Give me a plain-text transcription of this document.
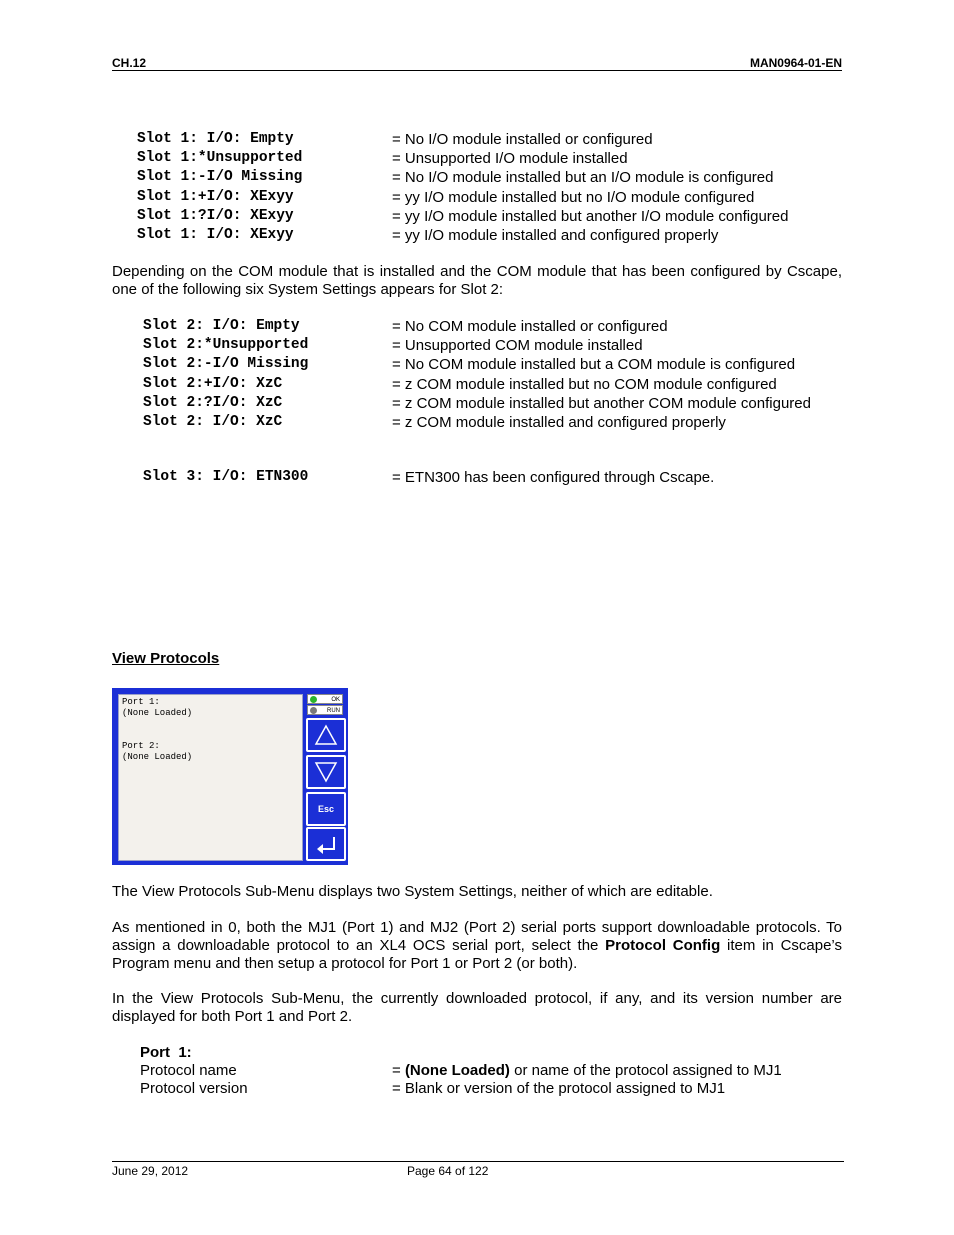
CH.12	MAN0964-01-EN
Slot 1: I/O: Empty	= No I/O module installed or configured
Slot 1:*Unsupported	= Unsupported I/O module installed
Slot 1:-I/O Missing	= No I/O module installed but an I/O module is configured
Slot 1:+I/O: XExyy	= yy I/O module installed but no I/O module configured
Slot 1:?I/O: XExyy	= yy I/O module installed but another I/O module configured
Slot 1: I/O: XExyy	= yy I/O module installed and configured properly
Depending on the COM module that is installed and the COM module that has been configured by Cscape, one of the following six System Settings appears for Slot 2:
Slot 2: I/O: Empty	= No COM module installed or configured
Slot 2:*Unsupported	= Unsupported COM module installed
Slot 2:-I/O Missing	= No COM module installed but a COM module is configured
Slot 2:+I/O: XzC	= z COM module installed but no COM module configured
Slot 2:?I/O: XzC	= z COM module installed but another COM module configured
Slot 2: I/O: XzC	= z COM module installed and configured properly
Slot 3: I/O: ETN300	= ETN300 has been configured through Cscape.
View Protocols
Port 1:
(None Loaded)
Port 2:
(None Loaded)
OK
RUN
Esc
The View Protocols Sub-Menu displays two System Settings, neither of which are editable.
As mentioned in 0, both the MJ1 (Port 1) and MJ2 (Port 2) serial ports support downloadable protocols. To assign a downloadable protocol to an XL4 OCS serial port, select the Protocol Config item in Cscape’s Program menu and then setup a protocol for Port 1 or Port 2 (or both).
In the View Protocols Sub-Menu, the currently downloaded protocol, if any, and its version number are displayed for both Port 1 and Port 2.
Port  1:
Protocol name	= (None Loaded) or name of the protocol assigned to MJ1
Protocol version	= Blank or version of the protocol assigned to MJ1
June 29, 2012	Page 64 of 122
